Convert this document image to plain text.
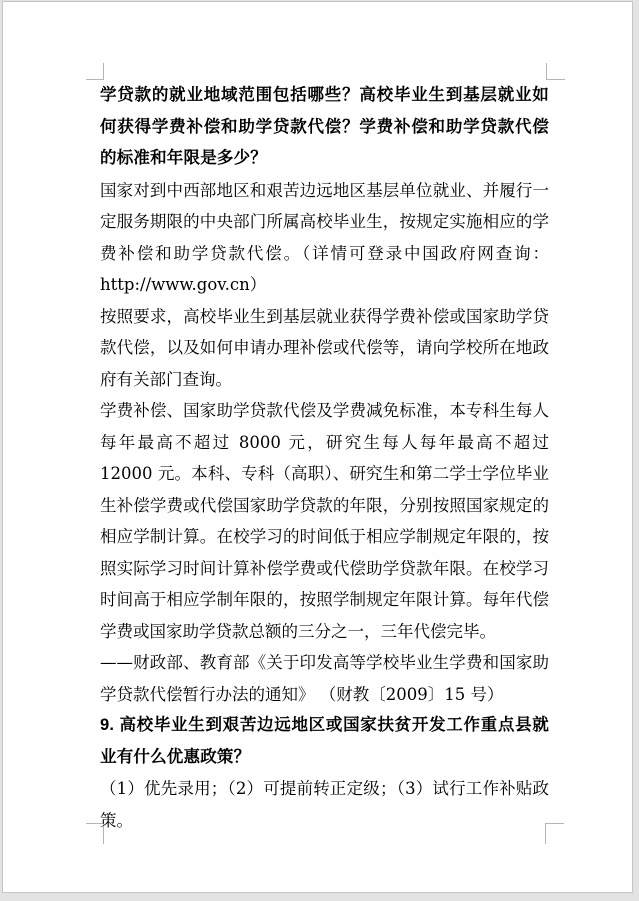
学贷款的就业地域范围包括哪些？高校毕业生到基层就业如何获得学费补偿和助学贷款代偿？学费补偿和助学贷款代偿的标准和年限是多少？

国家对到中西部地区和艰苦边远地区基层单位就业、并履行一定服务期限的中央部门所属高校毕业生，按规定实施相应的学费补偿和助学贷款代偿。（详情可登录中国政府网查询：http://www.gov.cn）

按照要求，高校毕业生到基层就业获得学费补偿或国家助学贷款代偿，以及如何申请办理补偿或代偿等，请向学校所在地政府有关部门查询。

学费补偿、国家助学贷款代偿及学费减免标准，本专科生每人每年最高不超过 8000 元，研究生每人每年最高不超过 12000 元。本科、专科（高职）、研究生和第二学士学位毕业生补偿学费或代偿国家助学贷款的年限，分别按照国家规定的相应学制计算。在校学习的时间低于相应学制规定年限的，按照实际学习时间计算补偿学费或代偿助学贷款年限。在校学习时间高于相应学制年限的，按照学制规定年限计算。每年代偿学费或国家助学贷款总额的三分之一，三年代偿完毕。

——财政部、教育部《关于印发高等学校毕业生学费和国家助学贷款代偿暂行办法的通知》 （财教〔2009〕15 号）

9. 高校毕业生到艰苦边远地区或国家扶贫开发工作重点县就业有什么优惠政策？

（1）优先录用；（2）可提前转正定级；（3）试行工作补贴政策。
